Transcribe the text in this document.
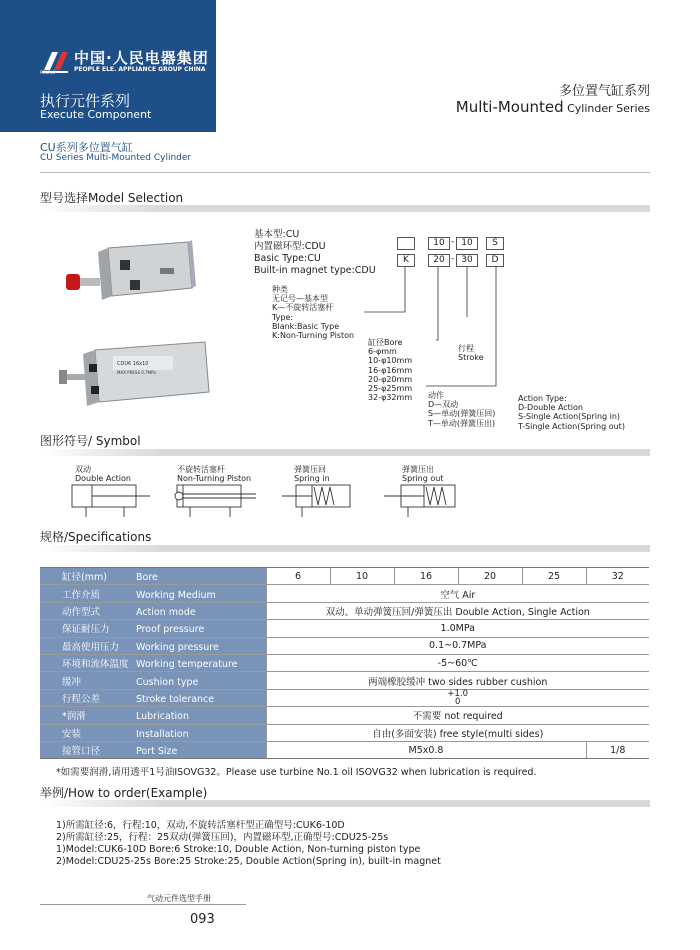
中国·人民电器集团
PEOPLE ELE. APPLIANCE GROUP CHINA
PEOPLE
执行元件系列
Execute Component
CU系列多位置气缸
CU Series Multi-Mounted Cylinder
多位置气缸系列
Multi-Mounted Cylinder Series
型号选择Model Selection
CDU6 16x10
MAX PRESS 0.7MPa
基本型:CU
内置磁环型:CDU
Basic Type:CU
Built-in magnet type:CDU
10 - 10	S
K	20 - 30	D
种类
无记号—基本型
K—不旋转活塞杆
Type:
Blank:Basic Type
K:Non-Turning Piston
缸径Bore
6-φmm
10-φ10mm
16-φ16mm
20-φ20mm
25-φ25mm
32-φ32mm
行程
Stroke
动作
D—双动
S—单动(弹簧压回)
T—单动(弹簧压出)
Action Type:
D-Double Action
S-Single Action(Spring in)
T-Single Action(Spring out)
图形符号/ Symbol
双动
Double Action
不旋转活塞杆
Non-Turning Piston
弹簧压回
Spring in
弹簧压出
Spring out
规格/Specifications
缸径(mm) Bore	6	10	16	20	25	32
工作介质 Working Medium	空气 Air					
动作型式 Action mode	双动、单动弹簧压回/弹簧压出 Double Action, Single Action					
保证耐压力 Proof pressure	1.0MPa					
最高使用压力 Working pressure	0.1~0.7MPa					
环境和流体温度 Working temperature	-5~60℃					
缓冲 Cushion type	两端橡胶缓冲 two sides rubber cushion					
行程公差 Stroke tolerance	+1.0
0					

*润滑 Lubrication	不需要 not required					
安装 Installation	自由(多面安装) free style(multi sides)					
接管口径 Port Size	M5x0.8					1/8
*如需要润滑,请用透平1号油ISOVG32。Please use turbine No.1 oil ISOVG32 when lubrication is required.
举例/How to order(Example)
1)所需缸径:6，行程:10，双动,不旋转活塞杆型正确型号:CUK6-10D
2)所需缸径:25，行程：25双动(弹簧压回)，内置磁环型,正确型号:CDU25-25s
1)Model:CUK6-10D Bore:6 Stroke:10, Double Action, Non-turning piston type
2)Model:CDU25-25s Bore:25 Stroke:25, Double Action(Spring in), built-in magnet
气动元件选型手册
093
